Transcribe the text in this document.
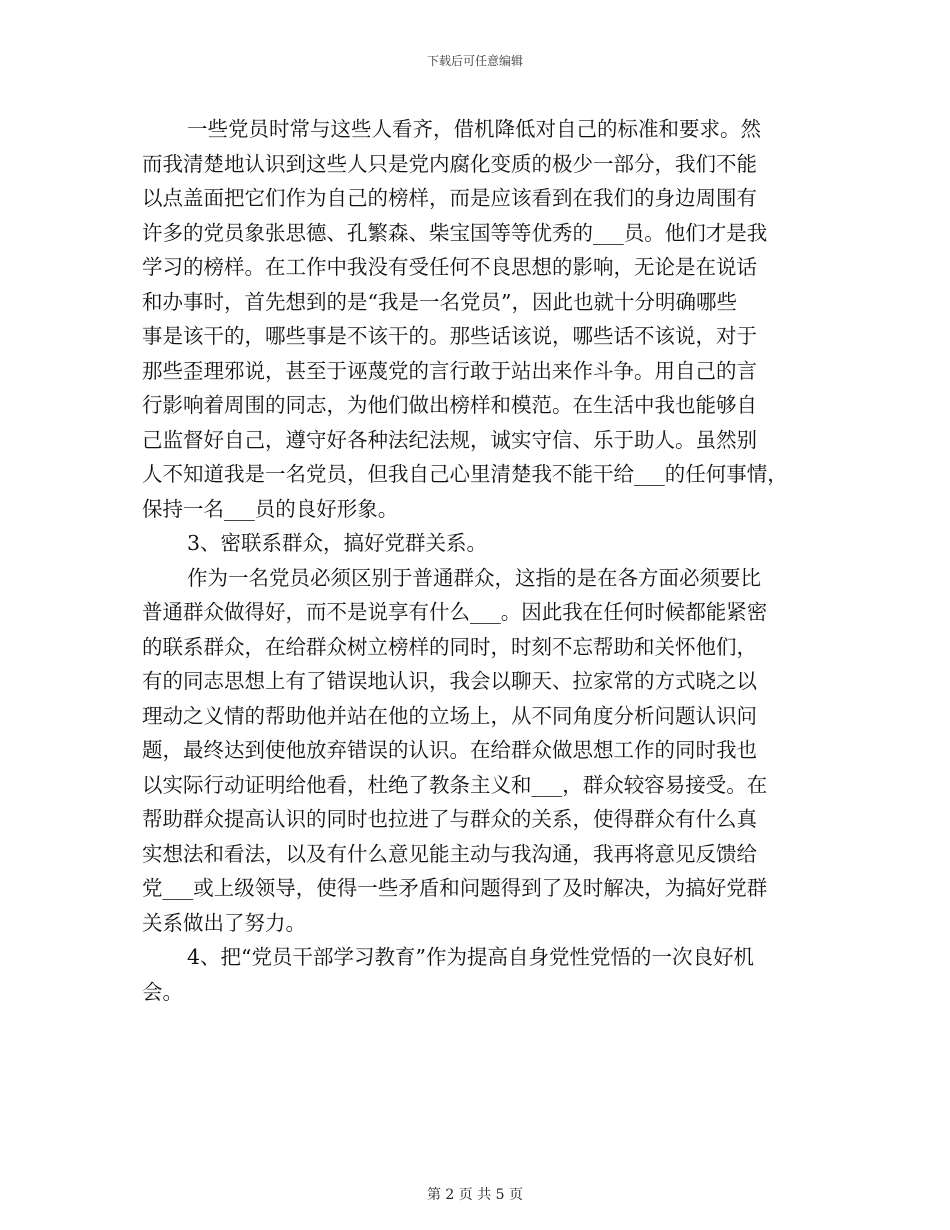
下载后可任意编辑
一些党员时常与这些人看齐，借机降低对自己的标准和要求。然
而我清楚地认识到这些人只是党内腐化变质的极少一部分，我们不能
以点盖面把它们作为自己的榜样，而是应该看到在我们的身边周围有
许多的党员象张思德、孔繁森、柴宝国等等优秀的___员。他们才是我
学习的榜样。在工作中我没有受任何不良思想的影响，无论是在说话
和办事时，首先想到的是“我是一名党员”，因此也就十分明确哪些
事是该干的，哪些事是不该干的。那些话该说，哪些话不该说，对于
那些歪理邪说，甚至于诬蔑党的言行敢于站出来作斗争。用自己的言
行影响着周围的同志，为他们做出榜样和模范。在生活中我也能够自
己监督好自己，遵守好各种法纪法规，诚实守信、乐于助人。虽然别
人不知道我是一名党员，但我自己心里清楚我不能干给___的任何事情，
保持一名___员的良好形象。
3、密联系群众，搞好党群关系。
作为一名党员必须区别于普通群众，这指的是在各方面必须要比
普通群众做得好，而不是说享有什么___。因此我在任何时候都能紧密
的联系群众，在给群众树立榜样的同时，时刻不忘帮助和关怀他们，
有的同志思想上有了错误地认识，我会以聊天、拉家常的方式晓之以
理动之义情的帮助他并站在他的立场上，从不同角度分析问题认识问
题，最终达到使他放弃错误的认识。在给群众做思想工作的同时我也
以实际行动证明给他看，杜绝了教条主义和___，群众较容易接受。在
帮助群众提高认识的同时也拉进了与群众的关系，使得群众有什么真
实想法和看法，以及有什么意见能主动与我沟通，我再将意见反馈给
党___或上级领导，使得一些矛盾和问题得到了及时解决，为搞好党群
关系做出了努力。
4、把“党员干部学习教育”作为提高自身党性党悟的一次良好机
会。
第 2 页 共 5 页
